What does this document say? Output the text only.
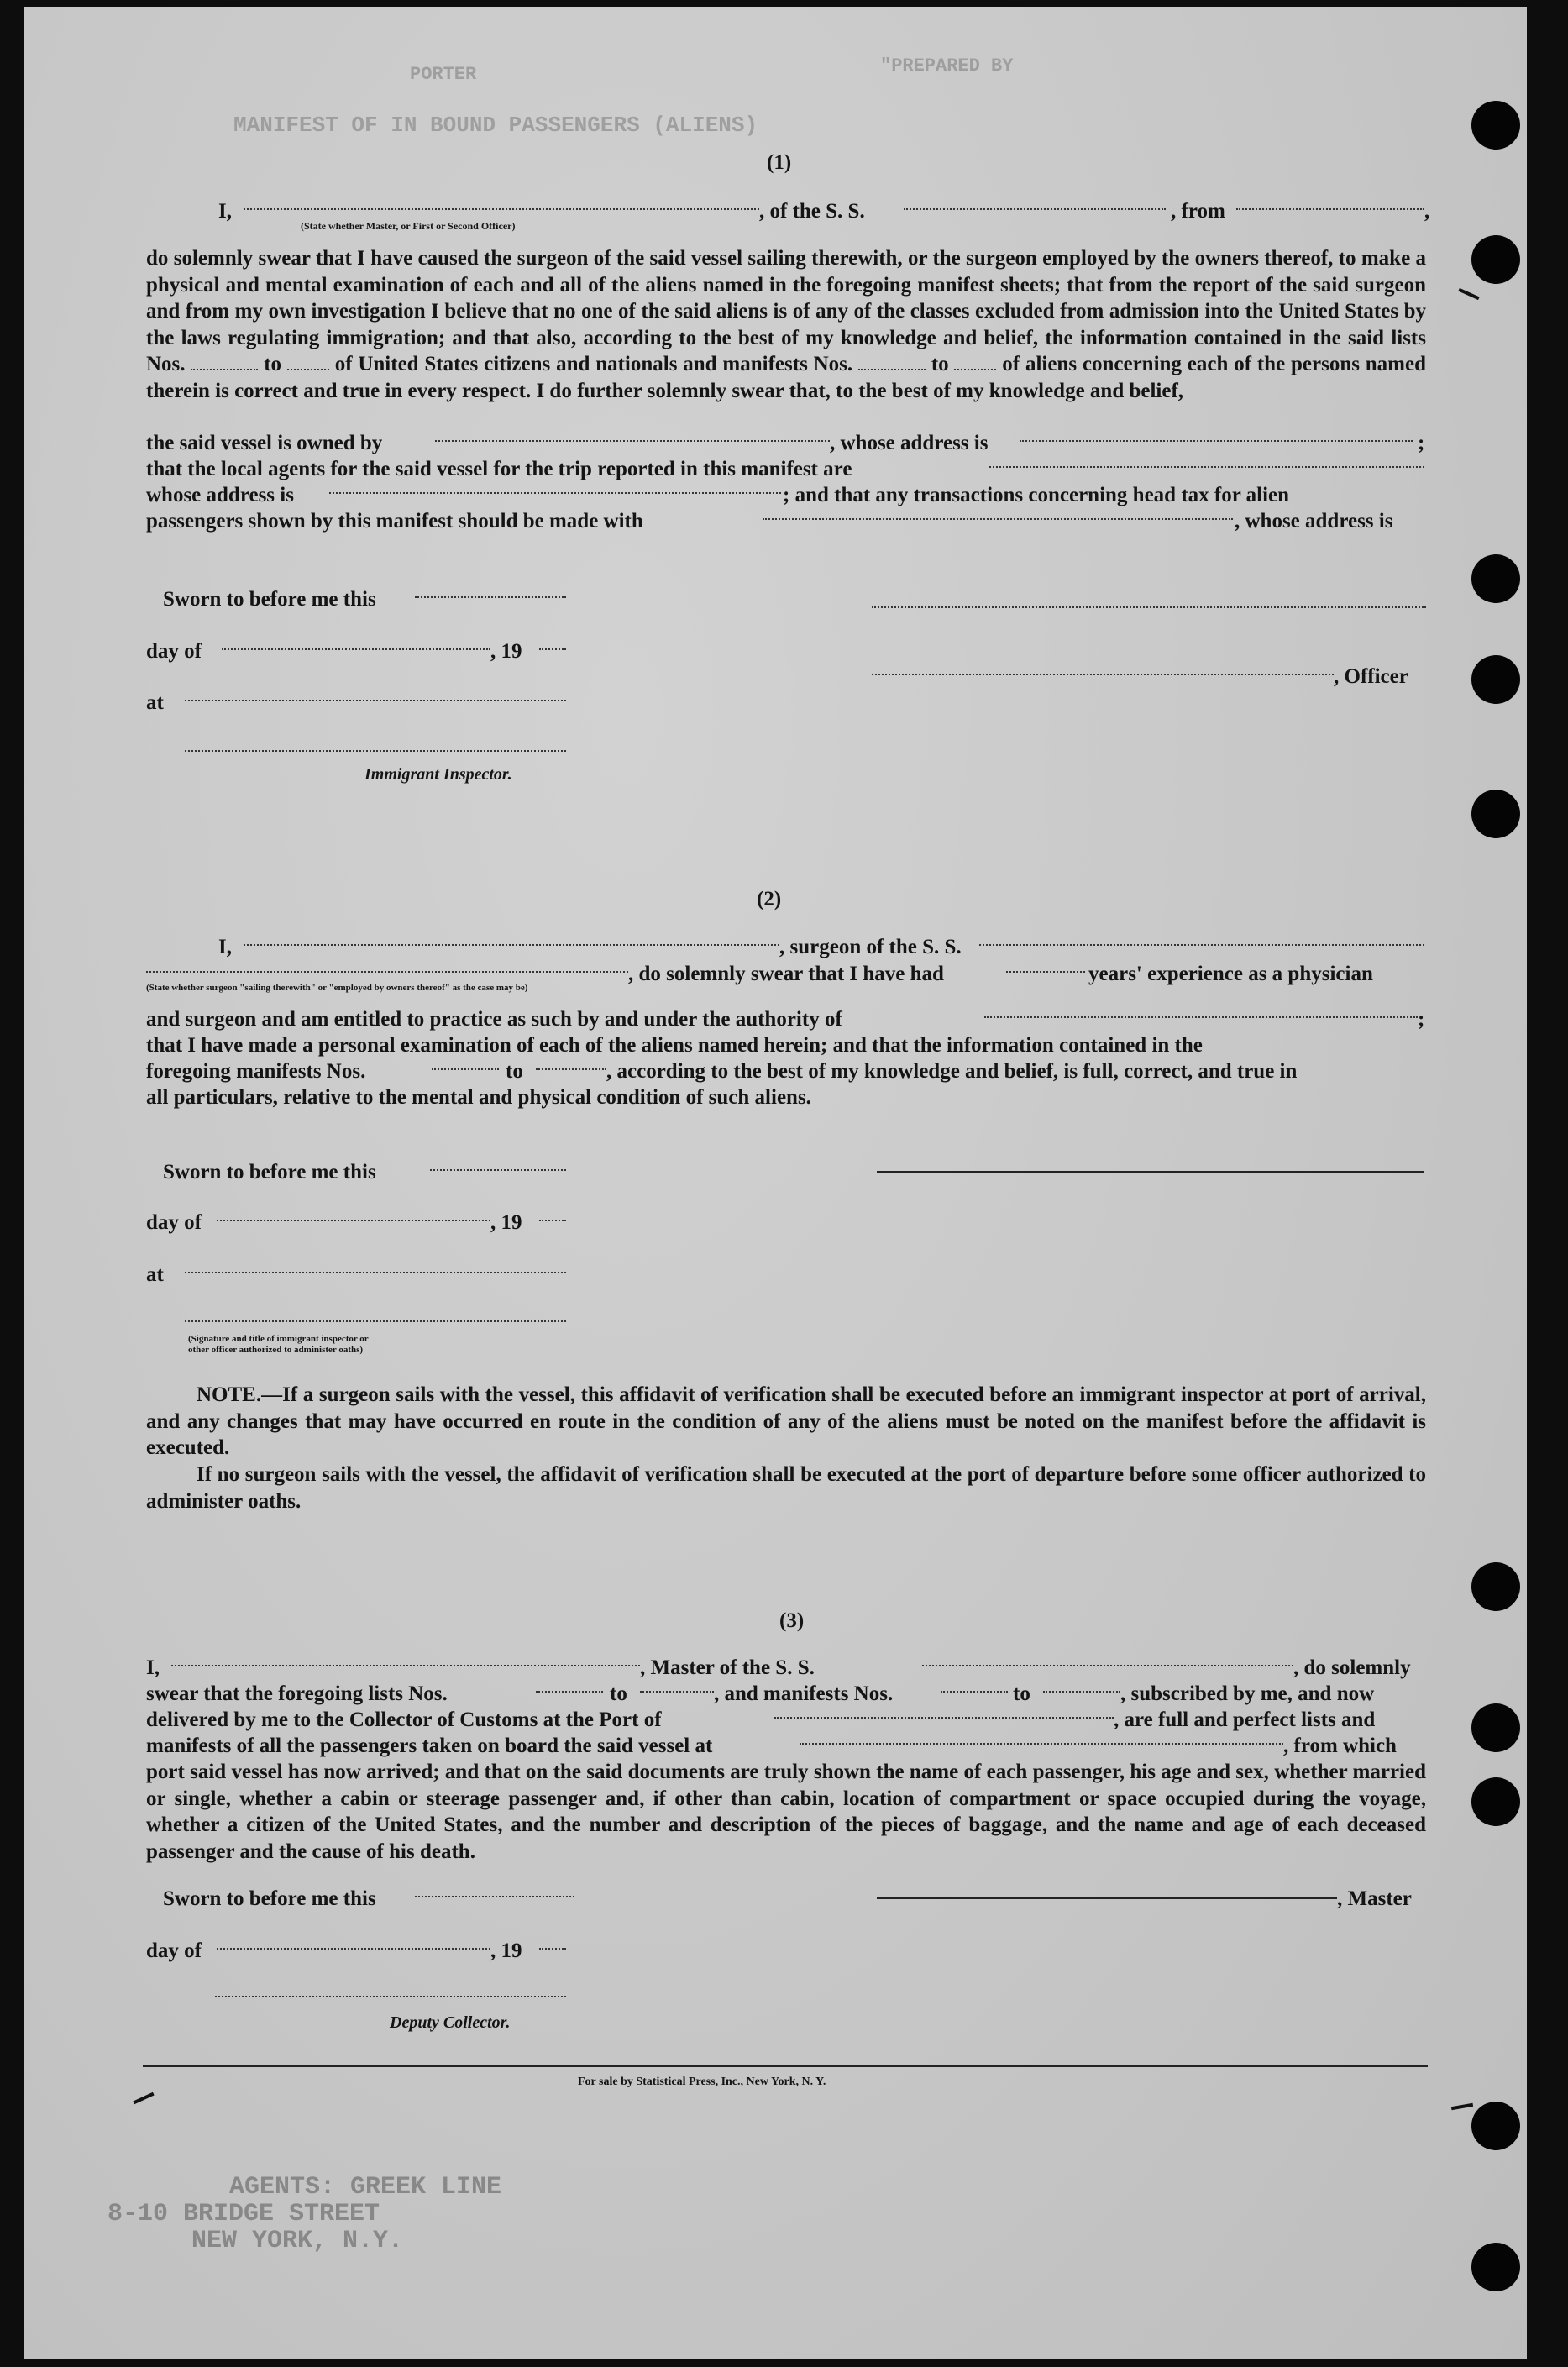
PORTER	"PREPARED BY
MANIFEST OF IN BOUND PASSENGERS (ALIENS)
(1)
I,	, of the S. S.	, from	,
(State whether Master, or First or Second Officer)
do solemnly swear that I have caused the surgeon of the said vessel sailing therewith, or the surgeon employed by the owners thereof, to make a physical and mental examination of each and all of the aliens named in the foregoing manifest sheets; that from the report of the said surgeon and from my own investigation I believe that no one of the said aliens is of any of the classes excluded from admission into the United States by the laws regulating immigration; and that also, according to the best of my knowledge and belief, the information contained in the said lists Nos.	to	of United States citizens and nationals and manifests Nos.	to	of aliens concerning each of the persons named therein is correct and true in every respect. I do further solemnly swear that, to the best of my knowledge and belief,
the said vessel is owned by	, whose address is	;
that the local agents for the said vessel for the trip reported in this manifest are
whose address is	; and that any transactions concerning head tax for alien
passengers shown by this manifest should be made with	, whose address is
Sworn to before me this
day of	, 19
, Officer
at
Immigrant Inspector.
(2)
I,	, surgeon of the S. S.
, do solemnly swear that I have had	years' experience as a physician
(State whether surgeon "sailing therewith" or "employed by owners thereof" as the case may be)
and surgeon and am entitled to practice as such by and under the authority of	;
that I have made a personal examination of each of the aliens named herein; and that the information contained in the
foregoing manifests Nos.	to	, according to the best of my knowledge and belief, is full, correct, and true in
all particulars, relative to the mental and physical condition of such aliens.
Sworn to before me this
day of	, 19
at
(Signature and title of immigrant inspector or
other officer authorized to administer oaths)
NOTE.—If a surgeon sails with the vessel, this affidavit of verification shall be executed before an immigrant inspector at port of arrival, and any changes that may have occurred en route in the condition of any of the aliens must be noted on the manifest before the affidavit is executed.
If no surgeon sails with the vessel, the affidavit of verification shall be executed at the port of departure before some officer authorized to administer oaths.
(3)
I,	, Master of the S. S.	, do solemnly
swear that the foregoing lists Nos.	to	, and manifests Nos.	to	, subscribed by me, and now
delivered by me to the Collector of Customs at the Port of	, are full and perfect lists and
manifests of all the passengers taken on board the said vessel at	, from which
port said vessel has now arrived; and that on the said documents are truly shown the name of each passenger, his age and sex, whether married or single, whether a cabin or steerage passenger and, if other than cabin, location of compartment or space occupied during the voyage, whether a citizen of the United States, and the number and description of the pieces of baggage, and the name and age of each deceased passenger and the cause of his death.
Sworn to before me this	, Master
day of	, 19
Deputy Collector.
For sale by Statistical Press, Inc., New York, N. Y.
AGENTS: GREEK LINE
8-10 BRIDGE STREET
NEW YORK, N.Y.
